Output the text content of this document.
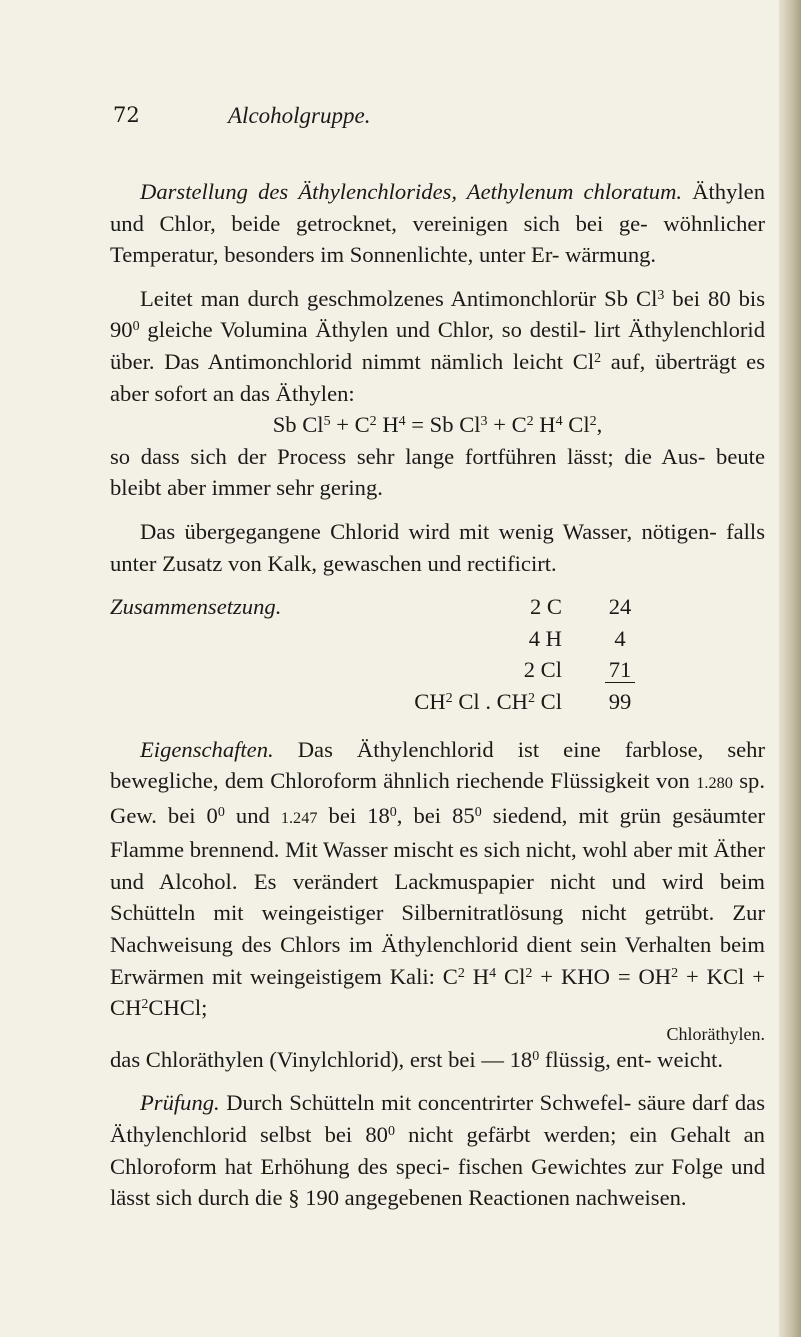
72	Alcoholgruppe.

Darstellung des Äthylenchlorides, Aethylenum chloratum. Äthylen und Chlor, beide getrocknet, vereinigen sich bei ge- wöhnlicher Temperatur, besonders im Sonnenlichte, unter Er- wärmung.

Leitet man durch geschmolzenes Antimonchlorür Sb Cl$^3$ bei 80 bis $90^0$ gleiche Volumina Äthylen und Chlor, so destil- lirt Äthylenchlorid über. Das Antimonchlorid nimmt nämlich leicht Cl$^2$ auf, überträgt es aber sofort an das Äthylen:

Sb $Cl^5 + C^2$ $H^4 = Sb$ $Cl^3 + C^2$ $H^4$ Cl$^2$,

so dass sich der Process sehr lange fortführen lässt; die Aus- beute bleibt aber immer sehr gering.

Das übergegangene Chlorid wird mit wenig Wasser, nötigen- falls unter Zusatz von Kalk, gewaschen und rectificirt.

Zusammensetzung.	2 C	24
4 H	4
2 Cl	71
$CH^2$ Cl . $CH^2$ Cl	99

Eigenschaften. Das Äthylenchlorid ist eine farblose, sehr bewegliche, dem Chloroform ähnlich riechende Flüssigkeit von 1.280 sp. Gew. bei $0^0$ und 1.247 bei $18^0$, bei $85^0$ siedend, mit grün gesäumter Flamme brennend. Mit Wasser mischt es sich nicht, wohl aber mit Äther und Alcohol. Es verändert Lackmuspapier nicht und wird beim Schütteln mit weingeistiger Silbernitratlösung nicht getrübt. Zur Nachweisung des Chlors im Äthylenchlorid dient sein Verhalten beim Erwärmen mit weingeistigem Kali: $C^2$ $H^4$ $Cl^2$ + KHO = $OH^2$ + KCl + $CH^2CHCl$;

Chloräthylen.

das Chloräthylen (Vinylchlorid), erst bei — $18^0$ flüssig, ent- weicht.

Prüfung. Durch Schütteln mit concentrirter Schwefel- säure darf das Äthylenchlorid selbst bei $80^0$ nicht gefärbt werden; ein Gehalt an Chloroform hat Erhöhung des speci- fischen Gewichtes zur Folge und lässt sich durch die § 190 angegebenen Reactionen nachweisen.
